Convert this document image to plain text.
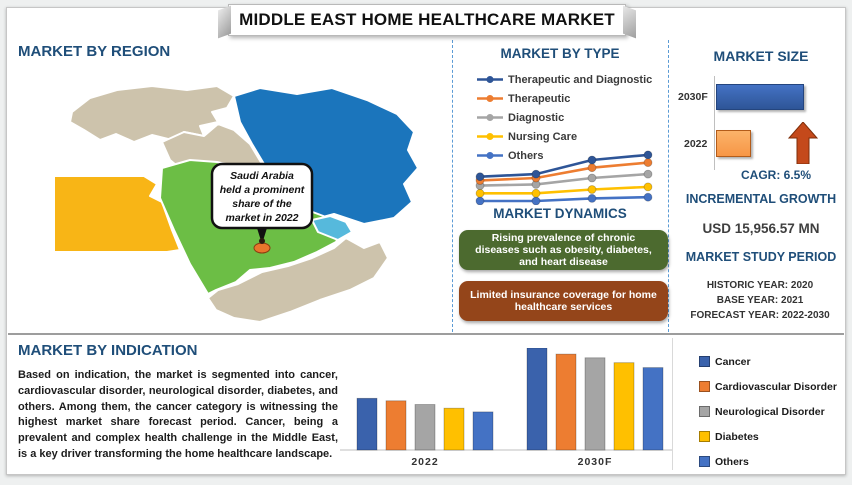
MIDDLE EAST HOME HEALTHCARE MARKET
MARKET BY REGION
Saudi Arabia
held a prominent
share of the
market in 2022
MARKET BY TYPE
Therapeutic and Diagnostic
Therapeutic
Diagnostic
Nursing Care
Others
MARKET DYNAMICS
Rising prevalence of chronic diseases such as obesity, diabetes, and heart disease
Limited insurance coverage for home healthcare services
MARKET SIZE
2030F
2022
CAGR: 6.5%
INCREMENTAL GROWTH
USD 15,956.57 MN
MARKET STUDY PERIOD
HISTORIC YEAR: 2020
BASE YEAR: 2021
FORECAST YEAR: 2022-2030
MARKET BY INDICATION
Based on indication, the market is segmented into cancer, cardiovascular disorder, neurological disorder, diabetes, and others. Among them, the cancer category is witnessing the highest market share forecast period. Cancer, being a prevalent and complex health challenge in the Middle East, is a key driver transforming the home healthcare landscape.
2022	2030F
Cancer
Cardiovascular Disorder
Neurological Disorder
Diabetes
Others
